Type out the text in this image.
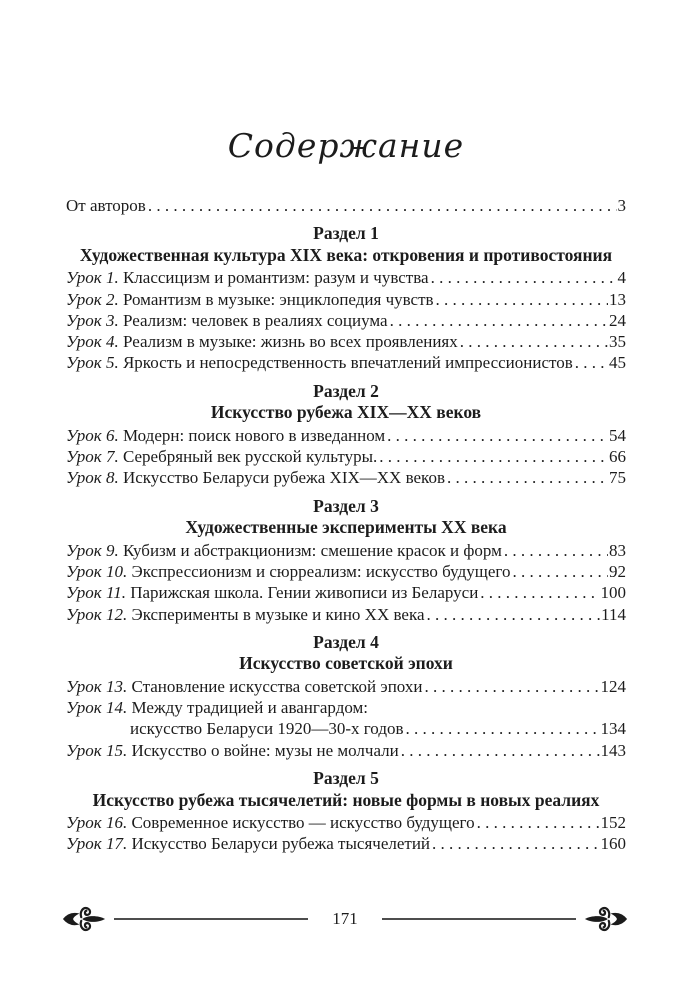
Содержание
От авторов . . .	3
Раздел 1
Художественная культура XIX века: откровения и противостояния
Урок 1. Классицизм и романтизм: разум и чувства . . .	4
Урок 2. Романтизм в музыке: энциклопедия чувств . . .	13
Урок 3. Реализм: человек в реалиях социума . . .	24
Урок 4. Реализм в музыке: жизнь во всех проявлениях . . .	35
Урок 5. Яркость и непосредственность впечатлений импрессионистов . . . 45
Раздел 2
Искусство рубежа XIX—XX веков
Урок 6. Модерн: поиск нового в изведанном . . .	54
Урок 7. Серебряный век русской культуры. . . .	66
Урок 8. Искусство Беларуси рубежа XIX—XX веков . . .	75
Раздел 3
Художественные эксперименты XX века
Урок 9. Кубизм и абстракционизм: смешение красок и форм . . .	83
Урок 10. Экспрессионизм и сюрреализм: искусство будущего . . .	92
Урок 11. Парижская школа. Гении живописи из Беларуси . . .	100
Урок 12. Эксперименты в музыке и кино XX века . . .	114
Раздел 4
Искусство советской эпохи
Урок 13. Становление искусства советской эпохи . . .	124
Урок 14. Между традицией и авангардом:
искусство Беларуси 1920—30-х годов . . .	134
Урок 15. Искусство о войне: музы не молчали . . .	143
Раздел 5
Искусство рубежа тысячелетий: новые формы в новых реалиях
Урок 16. Современное искусство — искусство будущего . . .	152
Урок 17. Искусство Беларуси рубежа тысячелетий . . .	160
171
